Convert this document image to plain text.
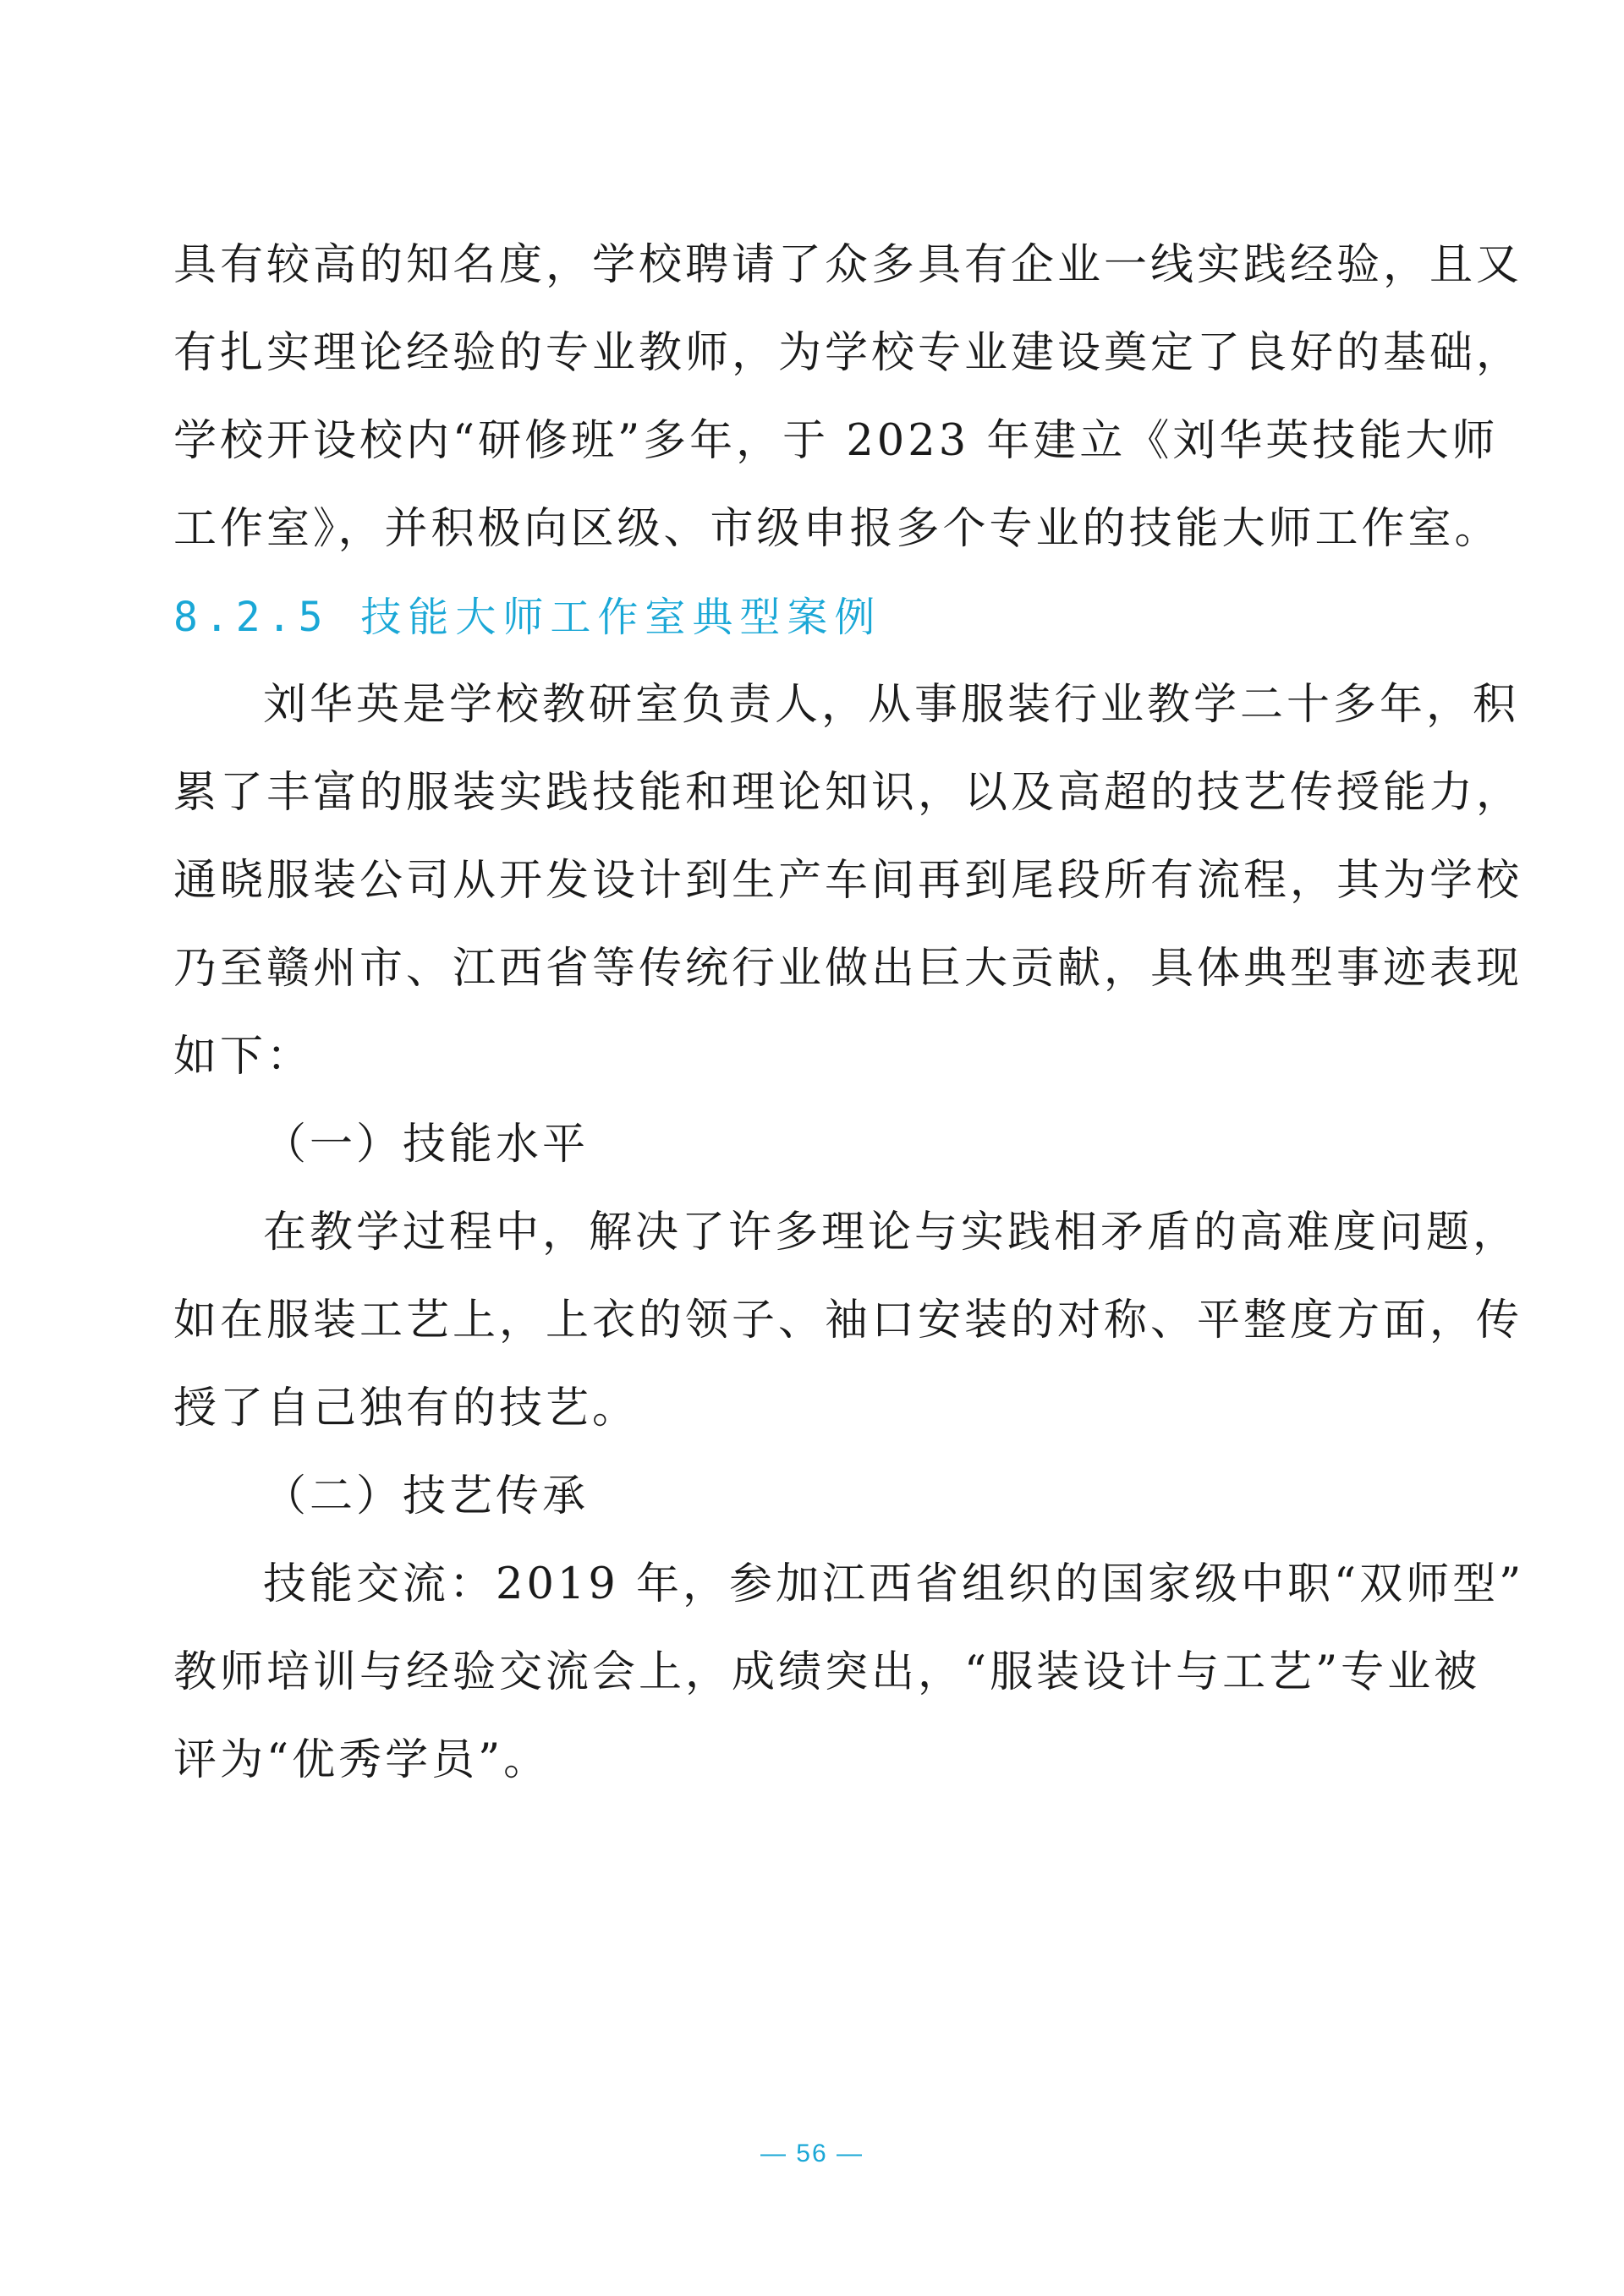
具有较高的知名度，学校聘请了众多具有企业一线实践经验，且又
有扎实理论经验的专业教师，为学校专业建设奠定了良好的基础，
学校开设校内“研修班”多年，于 2023 年建立《刘华英技能大师
工作室》，并积极向区级、市级申报多个专业的技能大师工作室。
8.2.5 技能大师工作室典型案例
刘华英是学校教研室负责人，从事服装行业教学二十多年，积
累了丰富的服装实践技能和理论知识，以及高超的技艺传授能力，
通晓服装公司从开发设计到生产车间再到尾段所有流程，其为学校
乃至赣州市、江西省等传统行业做出巨大贡献，具体典型事迹表现
如下：
（一）技能水平
在教学过程中，解决了许多理论与实践相矛盾的高难度问题，
如在服装工艺上，上衣的领子、袖口安装的对称、平整度方面，传
授了自己独有的技艺。
（二）技艺传承
技能交流：2019 年，参加江西省组织的国家级中职“双师型”
教师培训与经验交流会上，成绩突出，“服装设计与工艺”专业被
评为“优秀学员”。
— 56 —
